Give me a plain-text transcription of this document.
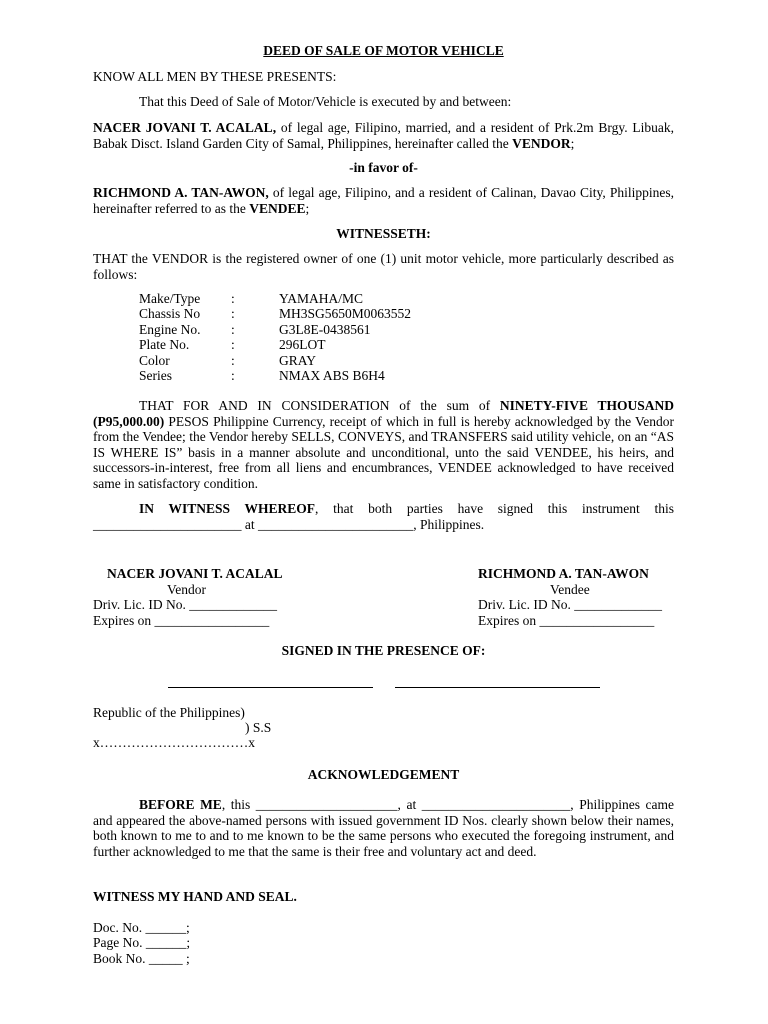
DEED OF SALE OF MOTOR VEHICLE
KNOW ALL MEN BY THESE PRESENTS:
That this Deed of Sale of Motor/Vehicle is executed by and between:
NACER JOVANI T. ACALAL, of legal age, Filipino, married, and a resident of Prk.2m Brgy. Libuak, Babak Disct. Island Garden City of Samal, Philippines, hereinafter called the VENDOR;
-in favor of-
RICHMOND A. TAN-AWON, of legal age, Filipino, and a resident of Calinan, Davao City, Philippines, hereinafter referred to as the VENDEE;
WITNESSETH:
THAT the VENDOR is the registered owner of one (1) unit motor vehicle, more particularly described as follows:
Make/Type :	YAMAHA/MC
Chassis No :	MH3SG5650M0063552
Engine No. :	G3L8E-0438561
Plate No.	:	296LOT
Color	:	GRAY
Series	:	NMAX ABS B6H4
THAT FOR AND IN CONSIDERATION of the sum of NINETY-FIVE THOUSAND (P95,000.00) PESOS Philippine Currency, receipt of which in full is hereby acknowledged by the Vendor from the Vendee; the Vendor hereby SELLS, CONVEYS, and TRANSFERS said utility vehicle, on an “AS IS WHERE IS” basis in a manner absolute and unconditional, unto the said VENDEE, his heirs, and successors-in-interest, free from all liens and encumbrances, VENDEE acknowledged to have received same in satisfactory condition.
IN WITNESS WHEREOF, that both parties have signed this instrument this ______________________ at _______________________, Philippines.
NACER JOVANI T. ACALAL
Vendor
Driv. Lic. ID No. _____________
Expires on _________________
RICHMOND A. TAN-AWON
Vendee
Driv. Lic. ID No. _____________
Expires on _________________
SIGNED IN THE PRESENCE OF:
Republic of the Philippines)
) S.S
x……………………………x
ACKNOWLEDGEMENT
BEFORE ME, this _____________________, at ______________________, Philippines came and appeared the above-named persons with issued government ID Nos. clearly shown below their names, both known to me to and to me known to be the same persons who executed the foregoing instrument, and further acknowledged to me that the same is their free and voluntary act and deed.
WITNESS MY HAND AND SEAL.
Doc. No. ______;
Page No. ______;
Book No. _____ ;
